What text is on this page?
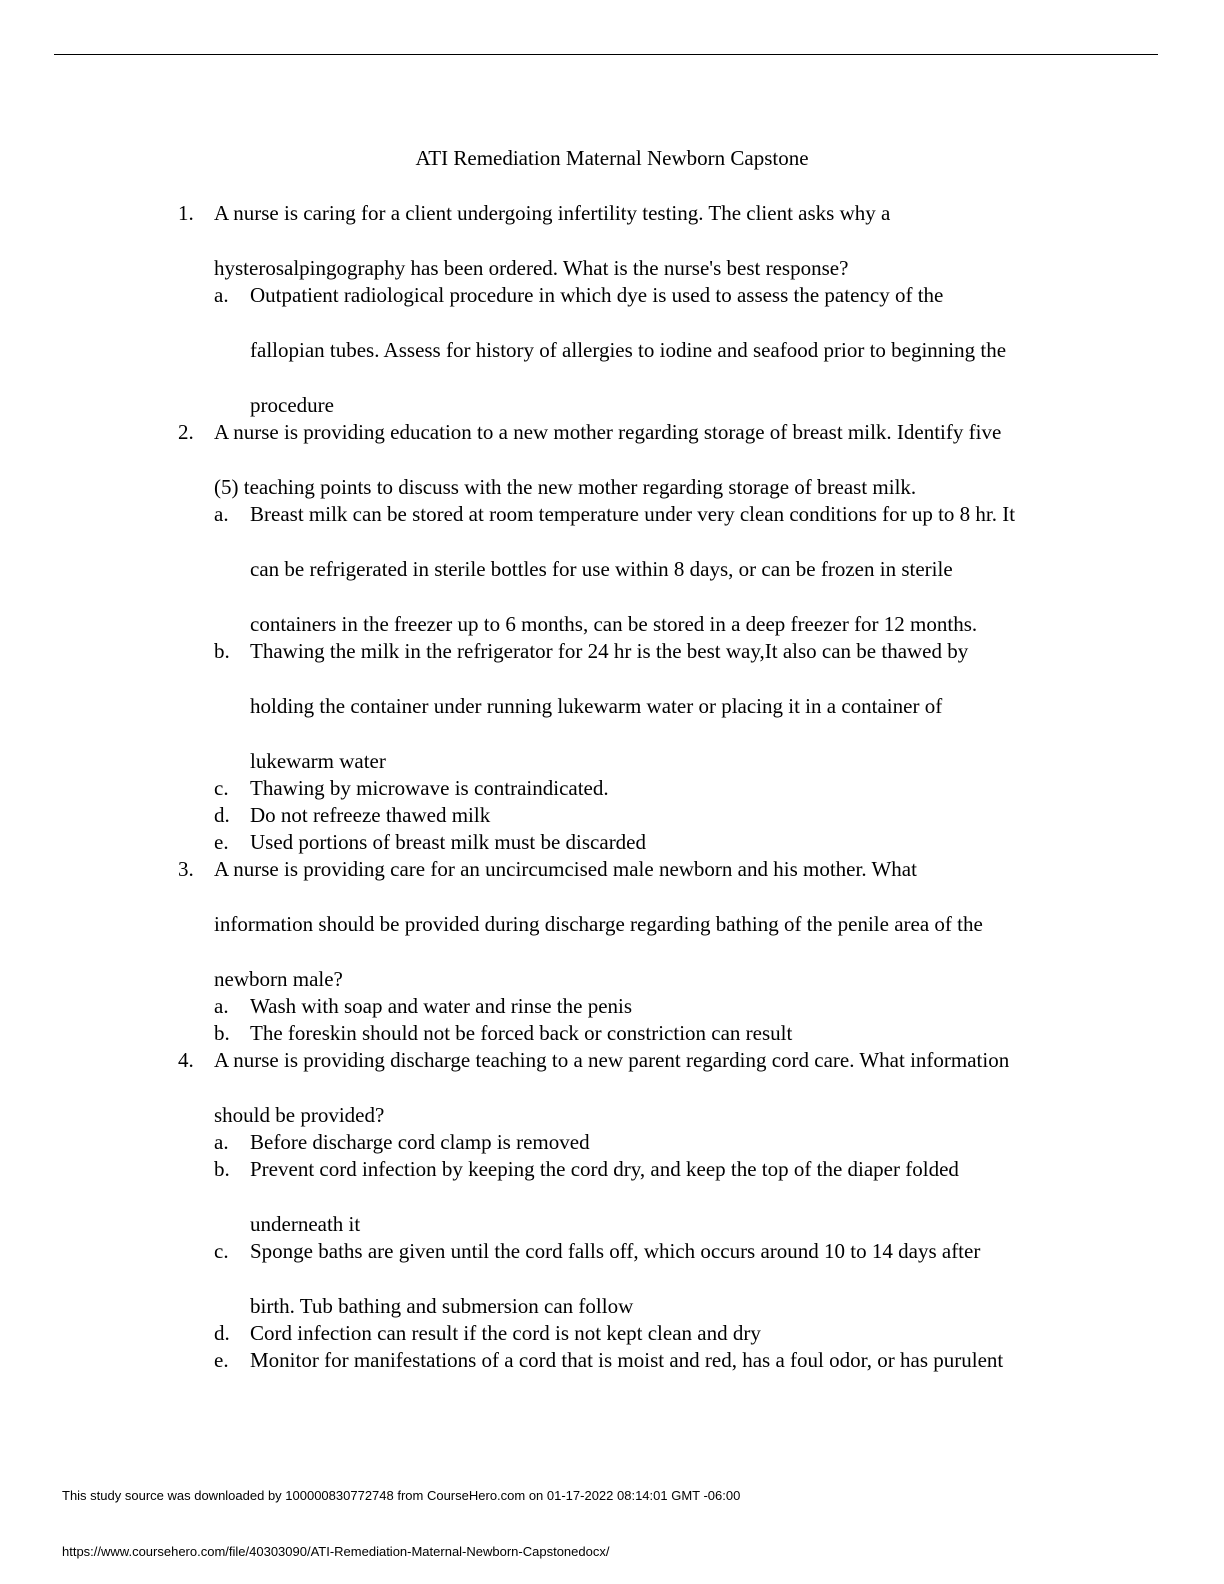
ATI Remediation Maternal Newborn Capstone
1. A nurse is caring for a client undergoing infertility testing. The client asks why a
hysterosalpingography has been ordered. What is the nurse's best response?
a. Outpatient radiological procedure in which dye is used to assess the patency of the
fallopian tubes. Assess for history of allergies to iodine and seafood prior to beginning the
procedure
2. A nurse is providing education to a new mother regarding storage of breast milk. Identify five
(5) teaching points to discuss with the new mother regarding storage of breast milk.
a. Breast milk can be stored at room temperature under very clean conditions for up to 8 hr. It
can be refrigerated in sterile bottles for use within 8 days, or can be frozen in sterile
containers in the freezer up to 6 months, can be stored in a deep freezer for 12 months.
b. Thawing the milk in the refrigerator for 24 hr is the best way,It also can be thawed by
holding the container under running lukewarm water or placing it in a container of
lukewarm water
c. Thawing by microwave is contraindicated.
d. Do not refreeze thawed milk
e. Used portions of breast milk must be discarded
3. A nurse is providing care for an uncircumcised male newborn and his mother. What
information should be provided during discharge regarding bathing of the penile area of the
newborn male?
a. Wash with soap and water and rinse the penis
b. The foreskin should not be forced back or constriction can result
4. A nurse is providing discharge teaching to a new parent regarding cord care. What information
should be provided?
a. Before discharge cord clamp is removed
b. Prevent cord infection by keeping the cord dry, and keep the top of the diaper folded
underneath it
c. Sponge baths are given until the cord falls off, which occurs around 10 to 14 days after
birth. Tub bathing and submersion can follow
d. Cord infection can result if the cord is not kept clean and dry
e. Monitor for manifestations of a cord that is moist and red, has a foul odor, or has purulent
This study source was downloaded by 100000830772748 from CourseHero.com on 01-17-2022 08:14:01 GMT -06:00
https://www.coursehero.com/file/40303090/ATI-Remediation-Maternal-Newborn-Capstonedocx/
